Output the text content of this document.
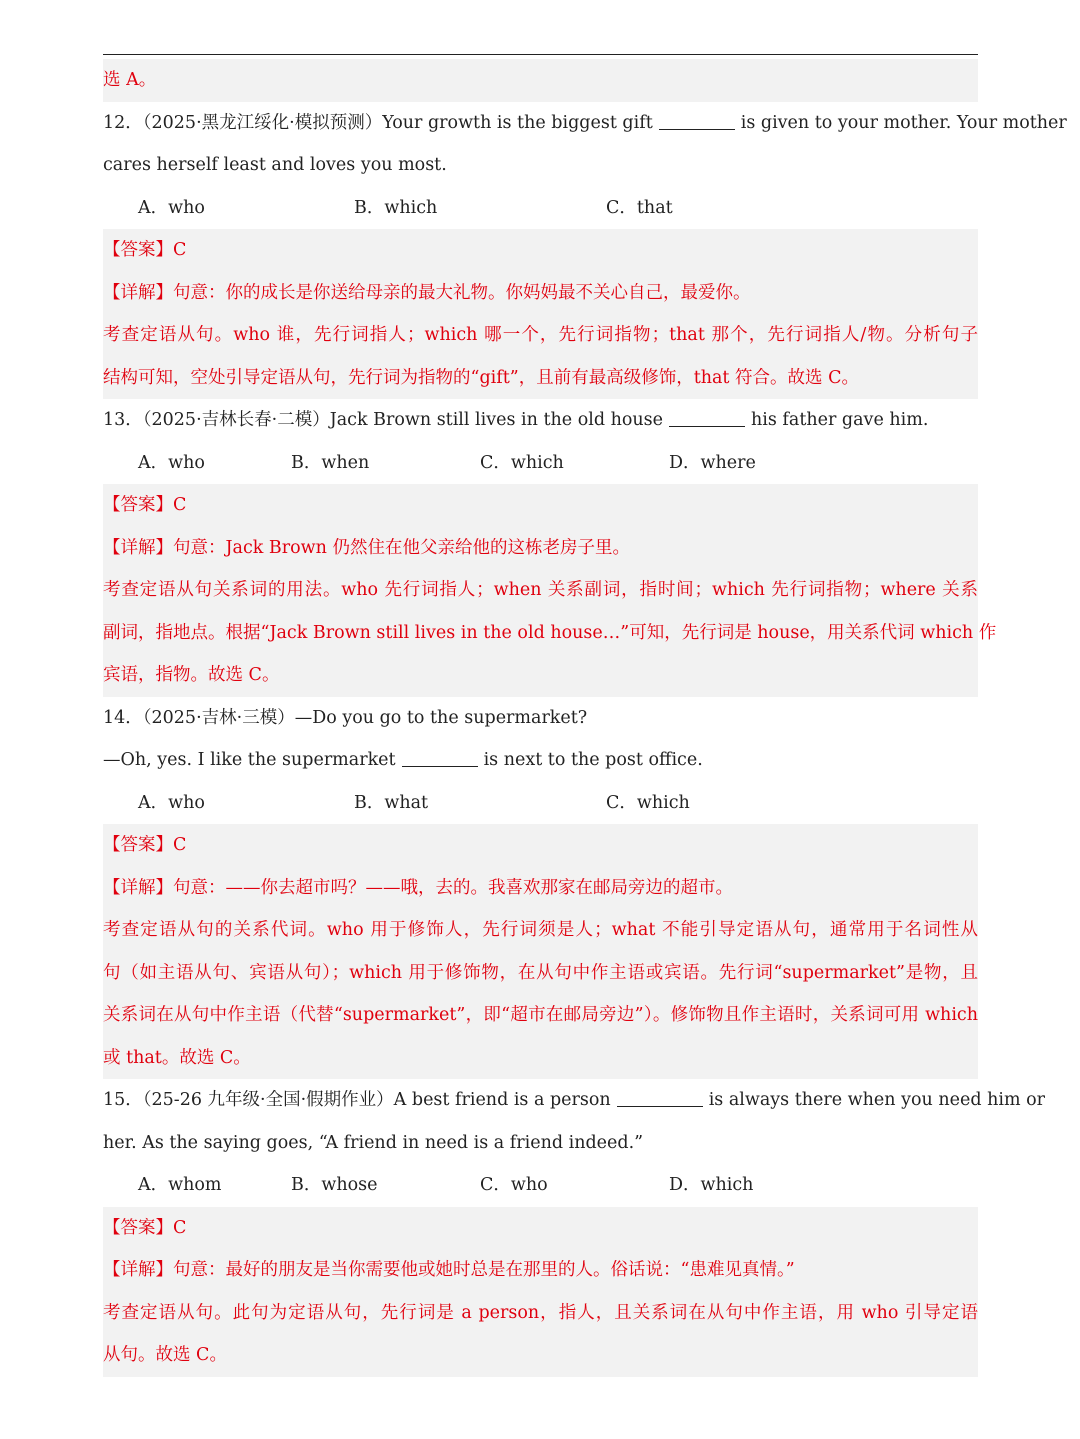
选 A。
12．（2025·黑龙江绥化·模拟预测）Your growth is the biggest gift	is given to your mother. Your mother
cares herself least and loves you most.
A．who	B．which	C．that
【答案】C
【详解】句意：你的成长是你送给母亲的最大礼物。你妈妈最不关心自己，最爱你。
考查定语从句。who 谁，先行词指人；which 哪一个，先行词指物；that 那个，先行词指人/物。分析句子
结构可知，空处引导定语从句，先行词为指物的“gift”，且前有最高级修饰，that 符合。故选 C。
13．（2025·吉林长春·二模）Jack Brown still lives in the old house	his father gave him.
A．who	B．when	C．which	D．where
【答案】C
【详解】句意：Jack Brown 仍然住在他父亲给他的这栋老房子里。
考查定语从句关系词的用法。who 先行词指人；when 关系副词，指时间；which 先行词指物；where 关系
副词，指地点。根据“Jack Brown still lives in the old house…”可知，先行词是 house，用关系代词 which 作
宾语，指物。故选 C。
14．（2025·吉林·三模）—Do you go to the supermarket?
—Oh, yes. I like the supermarket	is next to the post office.
A．who	B．what	C．which
【答案】C
【详解】句意：——你去超市吗？——哦，去的。我喜欢那家在邮局旁边的超市。
考查定语从句的关系代词。who 用于修饰人，先行词须是人；what 不能引导定语从句，通常用于名词性从
句（如主语从句、宾语从句）；which 用于修饰物，在从句中作主语或宾语。先行词“supermarket”是物，且
关系词在从句中作主语（代替“supermarket”，即“超市在邮局旁边”）。修饰物且作主语时，关系词可用 which
或 that。故选 C。
15．（25-26 九年级·全国·假期作业）A best friend is a person	is always there when you need him or
her. As the saying goes, “A friend in need is a friend indeed.”
A．whom	B．whose	C．who	D．which
【答案】C
【详解】句意：最好的朋友是当你需要他或她时总是在那里的人。俗话说：“患难见真情。”
考查定语从句。此句为定语从句，先行词是 a person，指人，且关系词在从句中作主语，用 who 引导定语
从句。故选 C。
